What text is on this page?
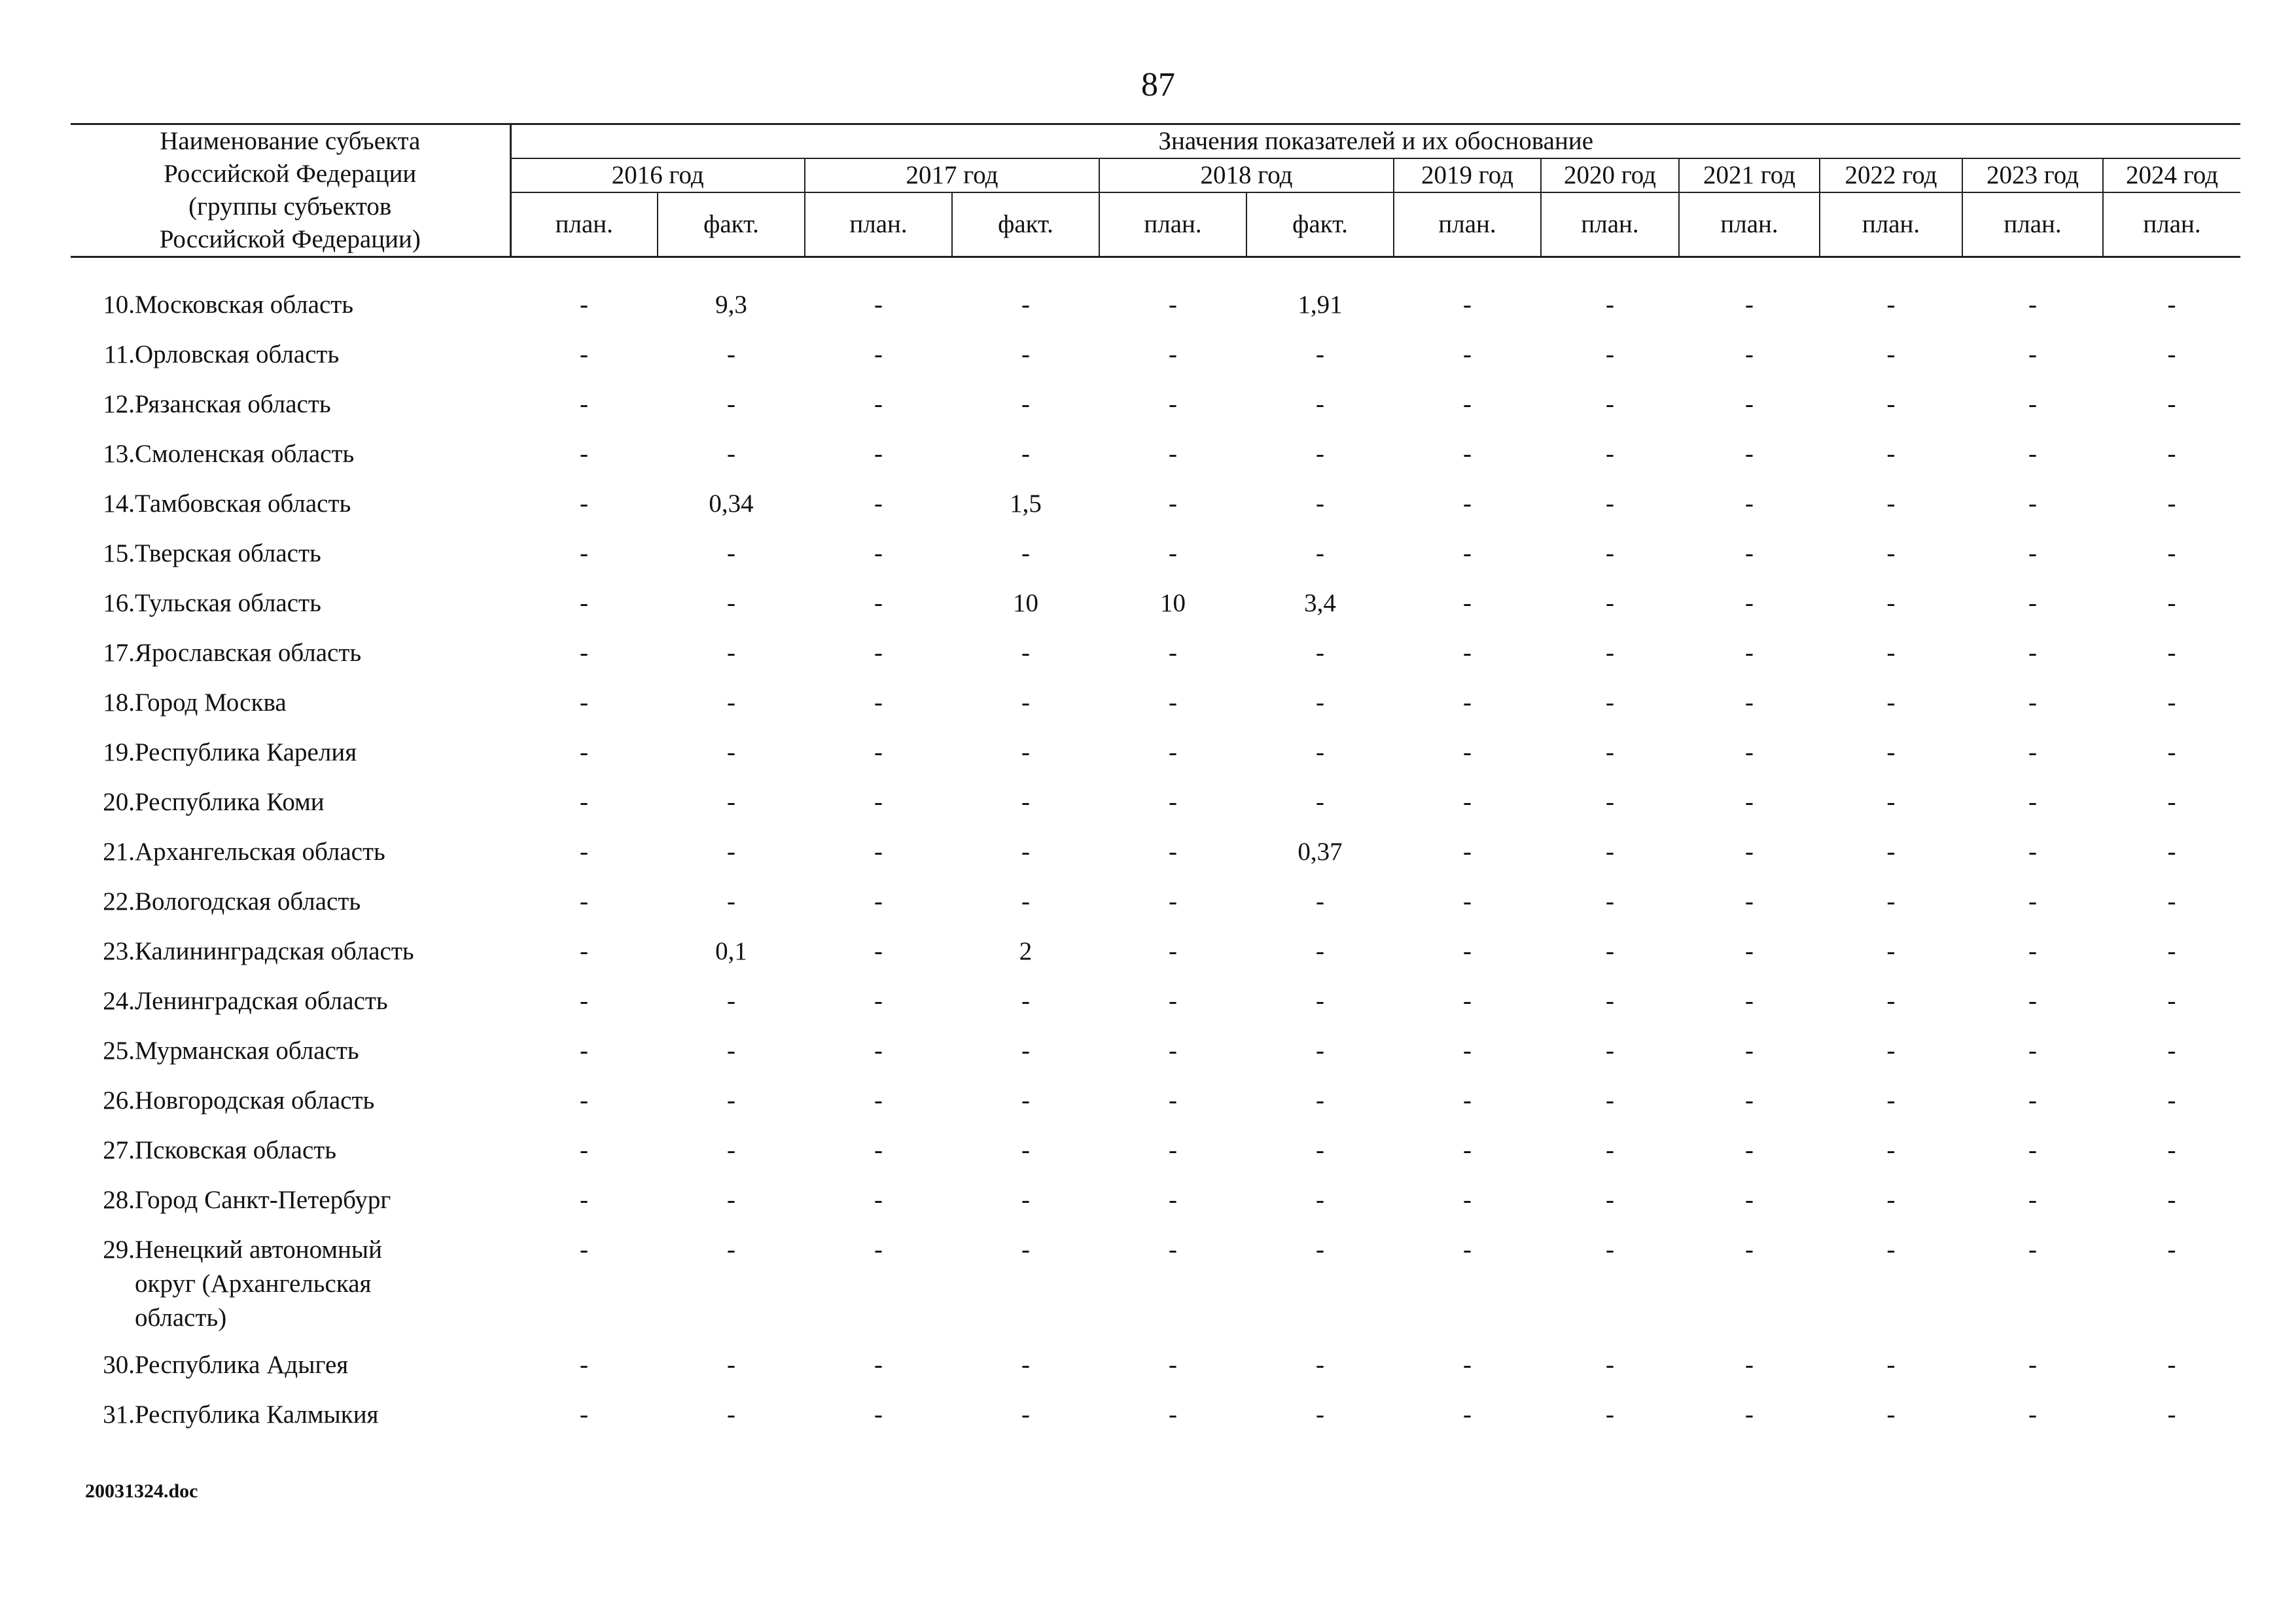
87
Наименование субъекта
Российской Федерации
(группы субъектов
Российской Федерации)		Значения показателей и их обоснование											
		2016 год		2017 год		2018 год		2019 год	2020 год	2021 год	2022 год	2023 год	2024 год
		план.	факт.	план.	факт.	план.	факт.	план.	план.	план.	план.	план.	план.

10.	Московская область	-	9,3	-	-	-	1,91	-	-	-	-	-	-
11.	Орловская область	-	-	-	-	-	-	-	-	-	-	-	-
12.	Рязанская область	-	-	-	-	-	-	-	-	-	-	-	-
13.	Смоленская область	-	-	-	-	-	-	-	-	-	-	-	-
14.	Тамбовская область	-	0,34	-	1,5	-	-	-	-	-	-	-	-
15.	Тверская область	-	-	-	-	-	-	-	-	-	-	-	-
16.	Тульская область	-	-	-	10	10	3,4	-	-	-	-	-	-
17.	Ярославская область	-	-	-	-	-	-	-	-	-	-	-	-
18.	Город Москва	-	-	-	-	-	-	-	-	-	-	-	-
19.	Республика Карелия	-	-	-	-	-	-	-	-	-	-	-	-
20.	Республика Коми	-	-	-	-	-	-	-	-	-	-	-	-
21.	Архангельская область	-	-	-	-	-	0,37	-	-	-	-	-	-
22.	Вологодская область	-	-	-	-	-	-	-	-	-	-	-	-
23.	Калининградская область	-	0,1	-	2	-	-	-	-	-	-	-	-
24.	Ленинградская область	-	-	-	-	-	-	-	-	-	-	-	-
25.	Мурманская область	-	-	-	-	-	-	-	-	-	-	-	-
26.	Новгородская область	-	-	-	-	-	-	-	-	-	-	-	-
27.	Псковская область	-	-	-	-	-	-	-	-	-	-	-	-
28.	Город Санкт-Петербург	-	-	-	-	-	-	-	-	-	-	-	-
29.	Ненецкий автономный
округ (Архангельская
область)	-	-	-	-	-	-	-	-	-	-	-	-
30.	Республика Адыгея	-	-	-	-	-	-	-	-	-	-	-	-
31.	Республика Калмыкия	-	-	-	-	-	-	-	-	-	-	-	-
20031324.doc
